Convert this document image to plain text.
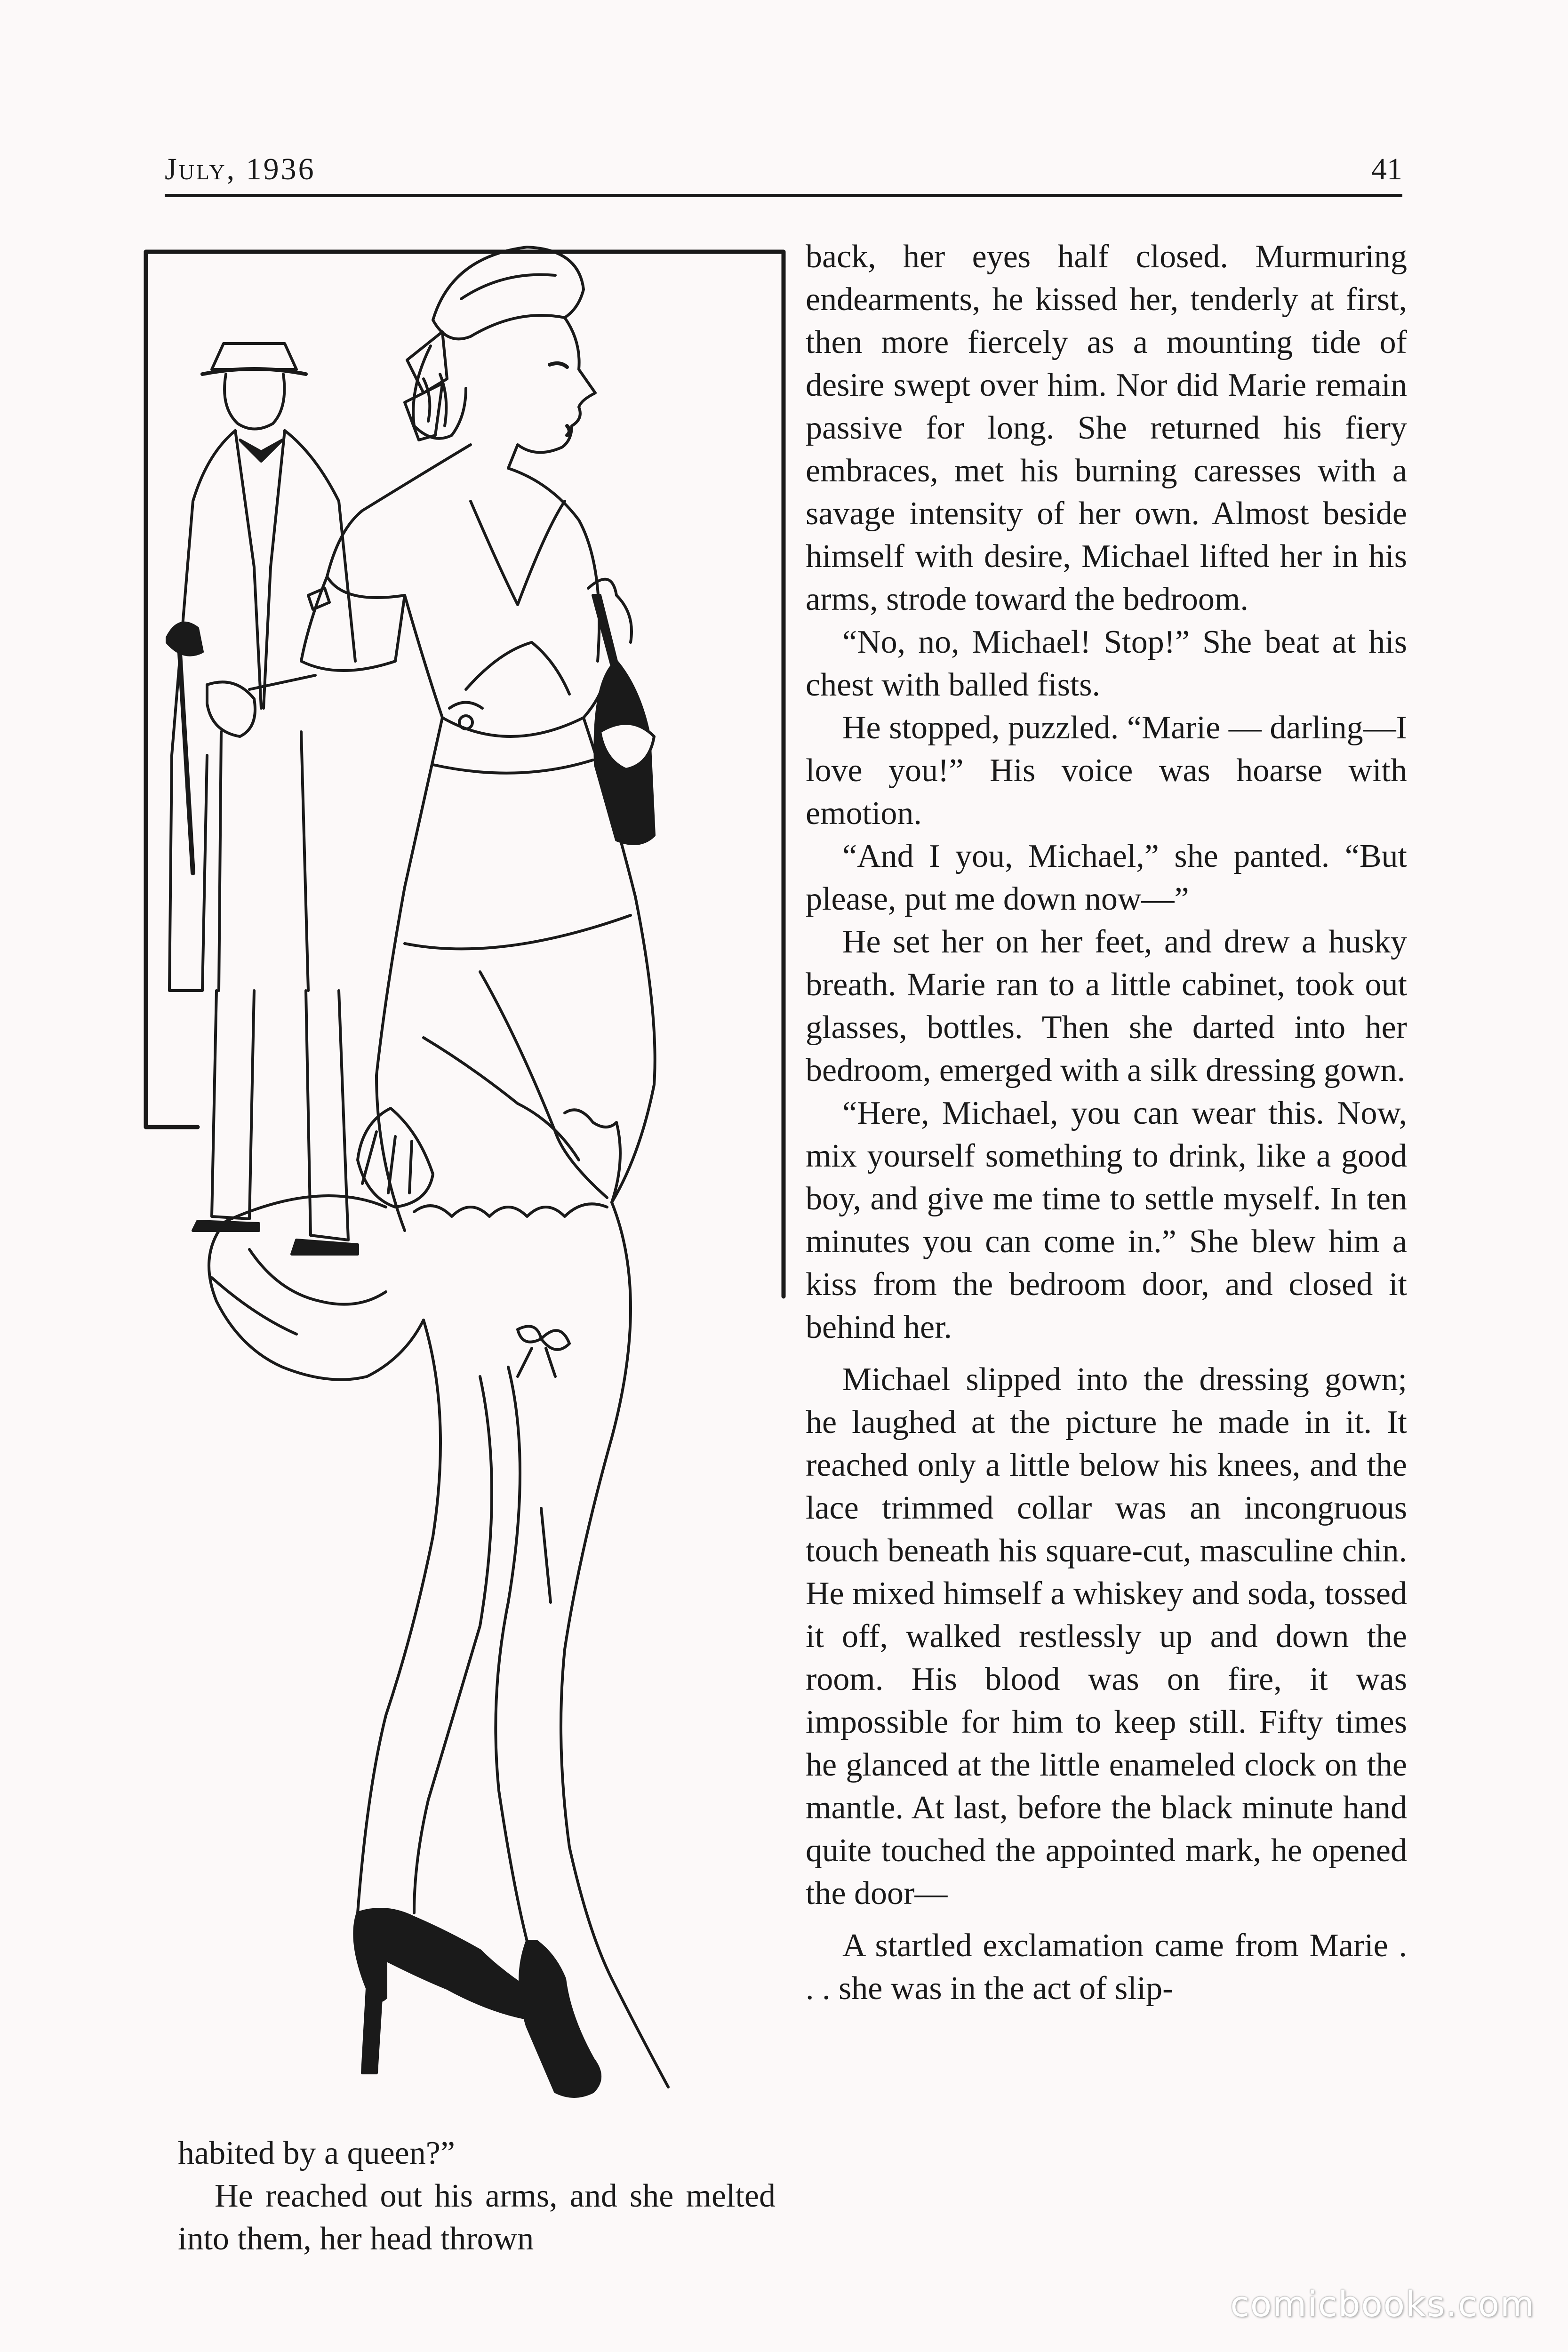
July, 1936	41

back, her eyes half closed. Murmuring endearments, he kissed her, tenderly at first, then more fiercely as a mounting tide of desire swept over him. Nor did Marie remain passive for long. She returned his fiery embraces, met his burning caresses with a savage intensity of her own. Almost beside himself with desire, Michael lifted her in his arms, strode toward the bedroom.

“No, no, Michael! Stop!” She beat at his chest with balled fists.

He stopped, puzzled. “Marie — darling—I love you!” His voice was hoarse with emotion.

“And I you, Michael,” she panted. “But please, put me down now—”

He set her on her feet, and drew a husky breath. Marie ran to a little cabinet, took out glasses, bottles. Then she darted into her bedroom, emerged with a silk dressing gown.

“Here, Michael, you can wear this. Now, mix yourself something to drink, like a good boy, and give me time to settle myself. In ten minutes you can come in.” She blew him a kiss from the bedroom door, and closed it behind her.

Michael slipped into the dressing gown; he laughed at the picture he made in it. It reached only a little below his knees, and the lace trimmed collar was an incongruous touch beneath his square-cut, masculine chin. He mixed himself a whiskey and soda, tossed it off, walked restlessly up and down the room. His blood was on fire, it was impossible for him to keep still. Fifty times he glanced at the little enameled clock on the mantle. At last, before the black minute hand quite touched the appointed mark, he opened the door—

A startled exclamation came from Marie . . . she was in the act of slip-

habited by a queen?”

He reached out his arms, and she melted into them, her head thrown

comicbooks.com
